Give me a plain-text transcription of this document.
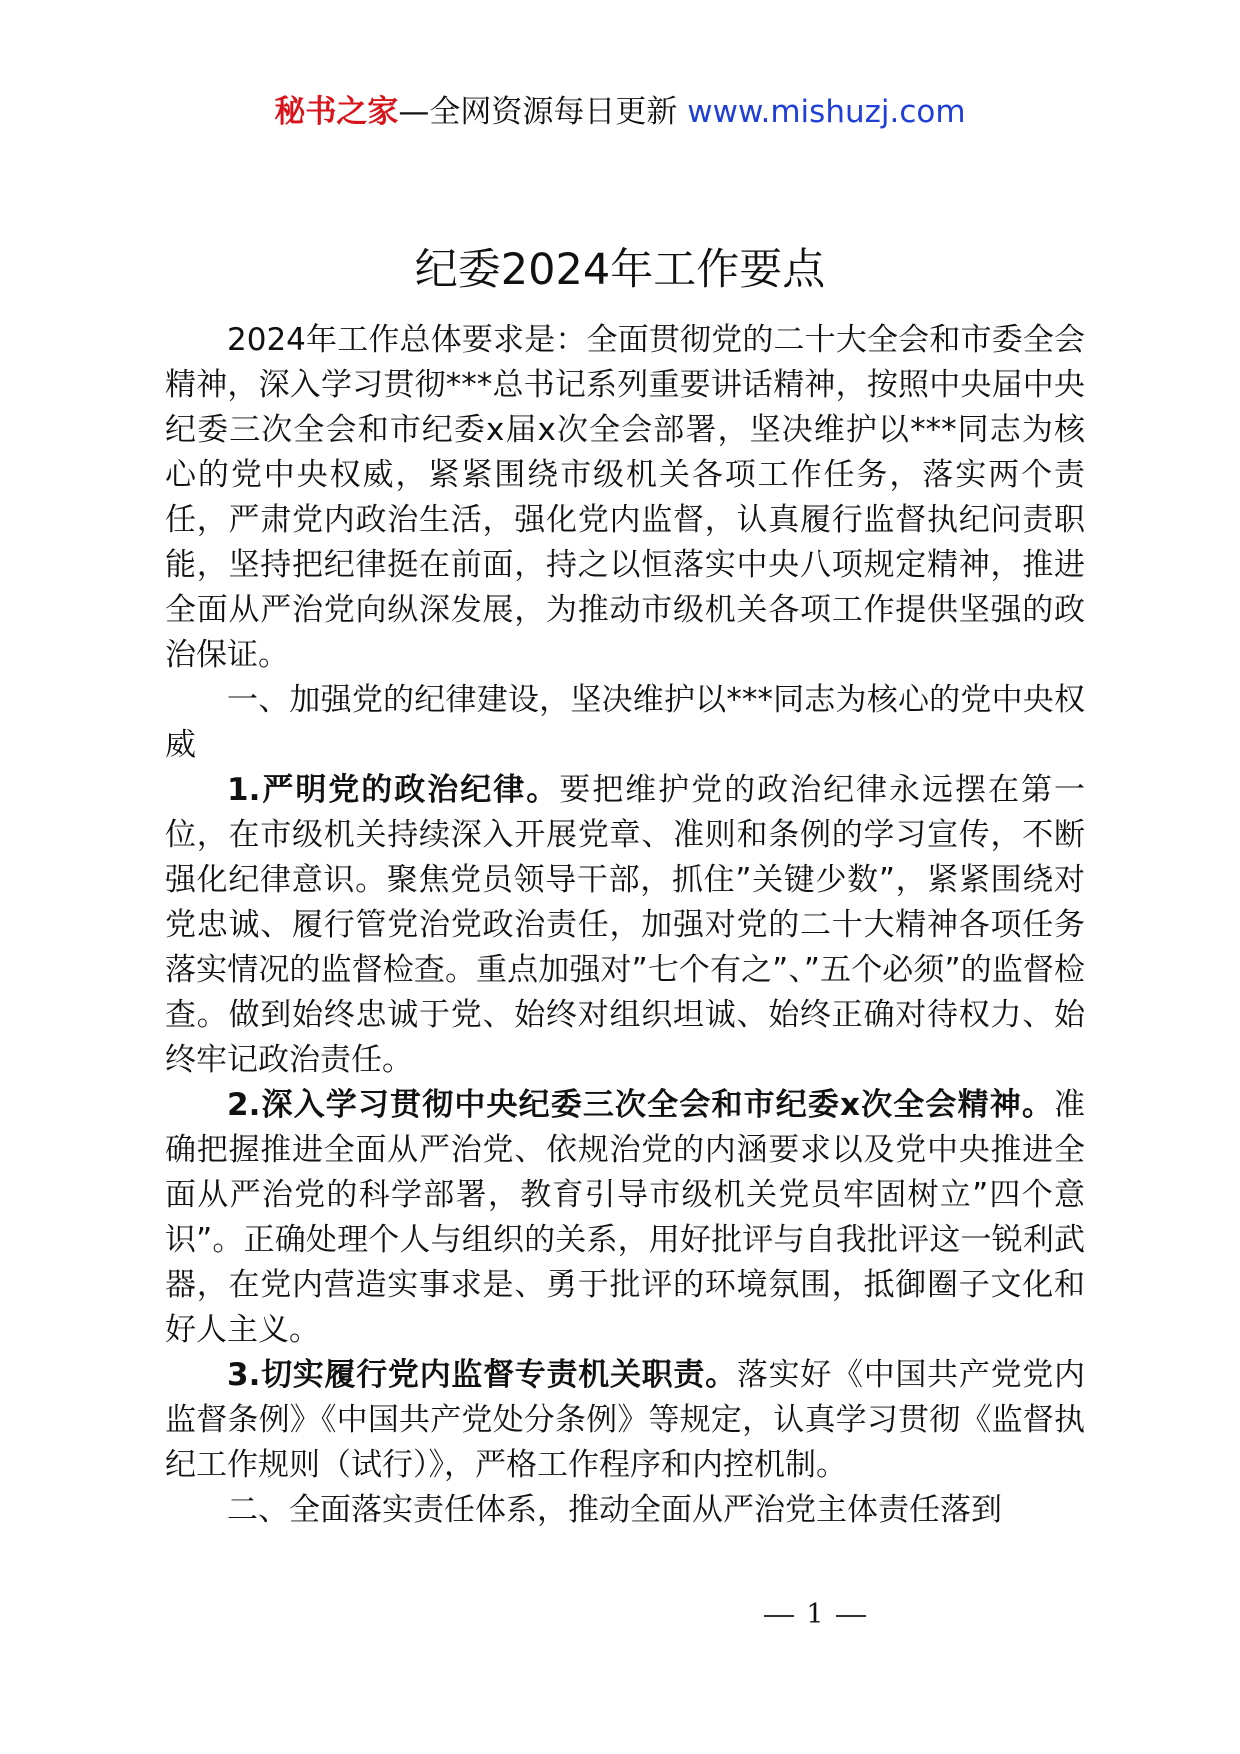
秘书之家—全网资源每日更新 www.mishuzj.com
纪委2024年工作要点

2024年工作总体要求是：全面贯彻党的二十大全会和市委全会精神，深入学习贯彻***总书记系列重要讲话精神，按照中央届中央纪委三次全会和市纪委x届x次全会部署，坚决维护以***同志为核心的党中央权威，紧紧围绕市级机关各项工作任务，落实两个责任，严肃党内政治生活，强化党内监督，认真履行监督执纪问责职能，坚持把纪律挺在前面，持之以恒落实中央八项规定精神，推进全面从严治党向纵深发展，为推动市级机关各项工作提供坚强的政治保证。

一、加强党的纪律建设，坚决维护以***同志为核心的党中央权威

1.严明党的政治纪律。要把维护党的政治纪律永远摆在第一位，在市级机关持续深入开展党章、准则和条例的学习宣传，不断强化纪律意识。聚焦党员领导干部，抓住”关键少数”，紧紧围绕对党忠诚、履行管党治党政治责任，加强对党的二十大精神各项任务落实情况的监督检查。重点加强对”七个有之”、”五个必须”的监督检查。做到始终忠诚于党、始终对组织坦诚、始终正确对待权力、始终牢记政治责任。

2.深入学习贯彻中央纪委三次全会和市纪委x次全会精神。准确把握推进全面从严治党、依规治党的内涵要求以及党中央推进全面从严治党的科学部署，教育引导市级机关党员牢固树立”四个意识”。正确处理个人与组织的关系，用好批评与自我批评这一锐利武器，在党内营造实事求是、勇于批评的环境氛围，抵御圈子文化和好人主义。

3.切实履行党内监督专责机关职责。落实好《中国共产党党内监督条例》《中国共产党处分条例》等规定，认真学习贯彻《监督执纪工作规则（试行）》，严格工作程序和内控机制。

二、全面落实责任体系，推动全面从严治党主体责任落到

1
